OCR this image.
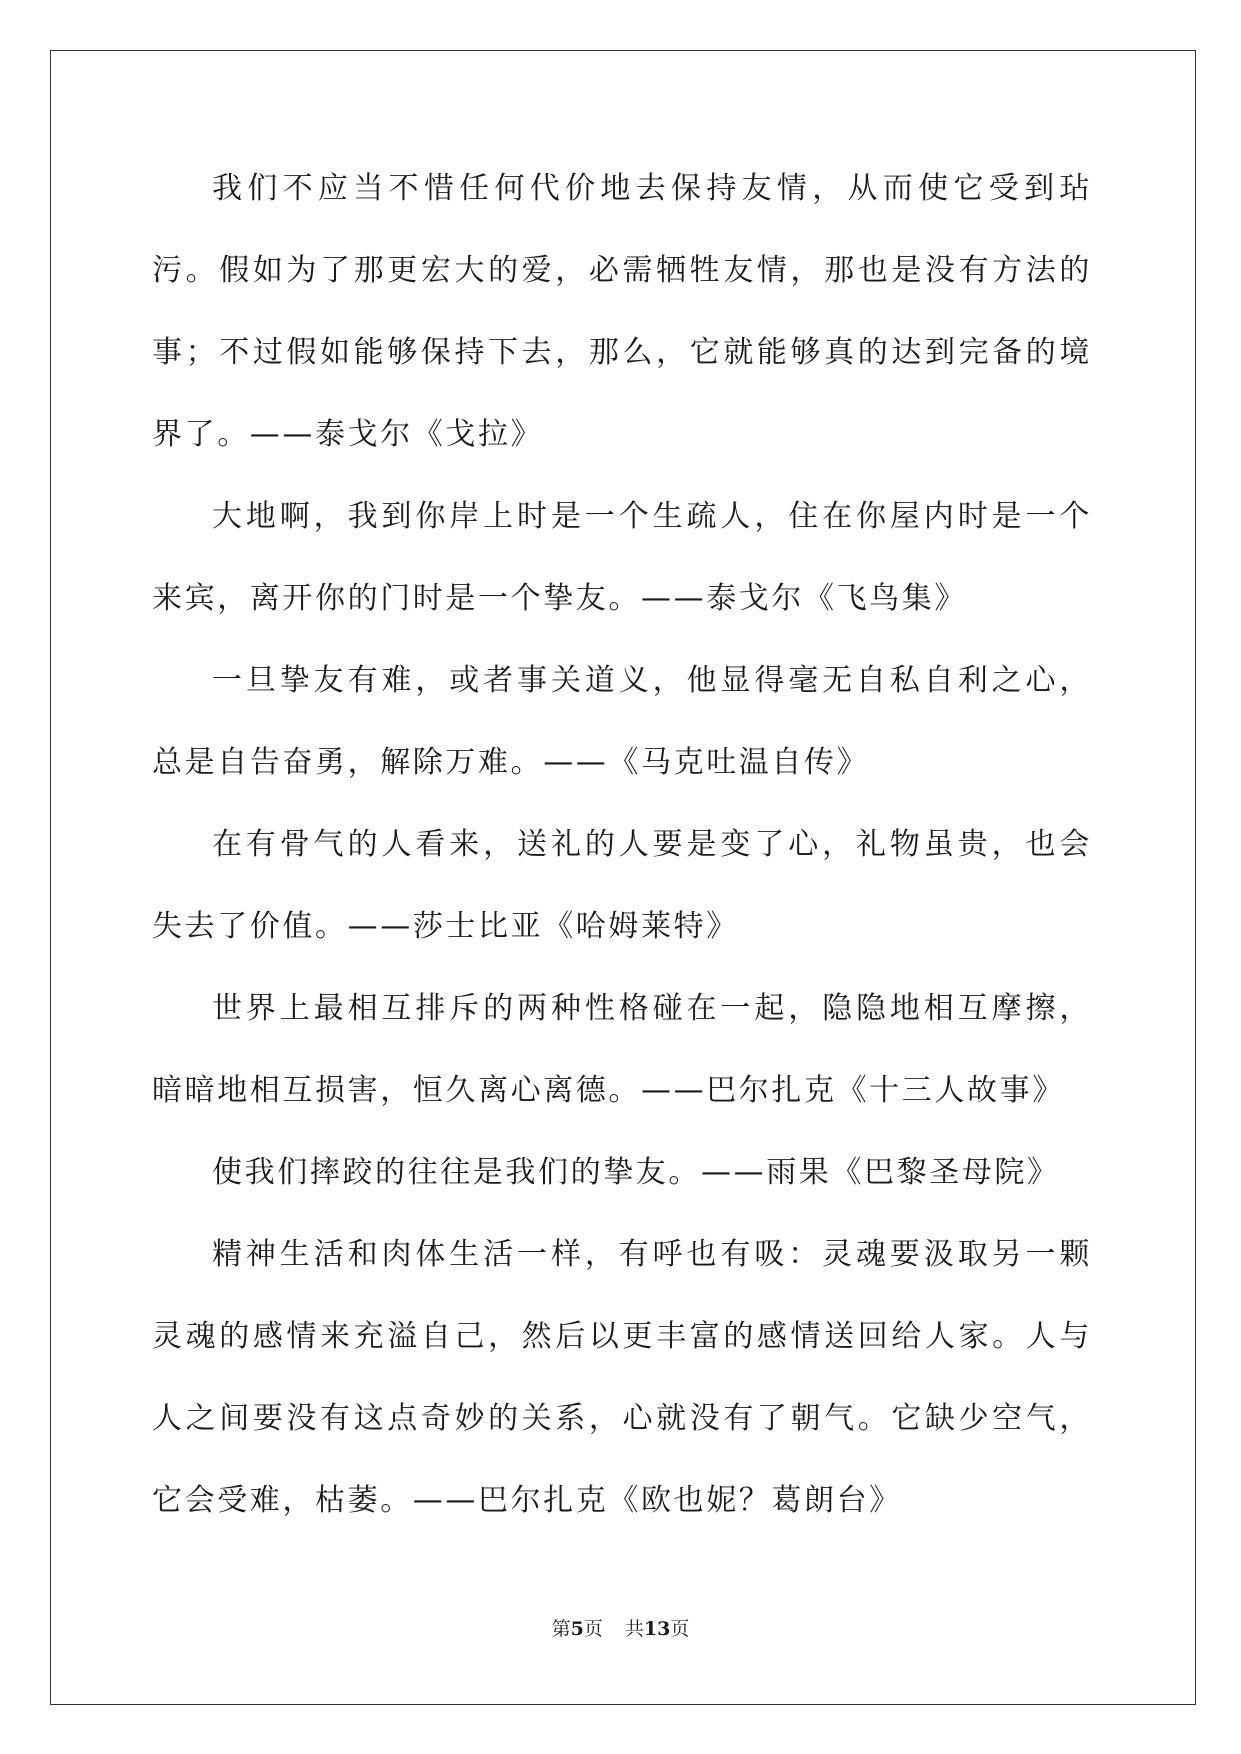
我们不应当不惜任何代价地去保持友情，从而使它受到玷污。假如为了那更宏大的爱，必需牺牲友情，那也是没有方法的事；不过假如能够保持下去，那么，它就能够真的达到完备的境界了。——泰戈尔《戈拉》

大地啊，我到你岸上时是一个生疏人，住在你屋内时是一个来宾，离开你的门时是一个挚友。——泰戈尔《飞鸟集》

一旦挚友有难，或者事关道义，他显得毫无自私自利之心，总是自告奋勇，解除万难。——《马克吐温自传》

在有骨气的人看来，送礼的人要是变了心，礼物虽贵，也会失去了价值。——莎士比亚《哈姆莱特》

世界上最相互排斥的两种性格碰在一起，隐隐地相互摩擦，暗暗地相互损害，恒久离心离德。——巴尔扎克《十三人故事》

使我们摔跤的往往是我们的挚友。——雨果《巴黎圣母院》

精神生活和肉体生活一样，有呼也有吸：灵魂要汲取另一颗灵魂的感情来充溢自己，然后以更丰富的感情送回给人家。人与人之间要没有这点奇妙的关系，心就没有了朝气。它缺少空气，它会受难，枯萎。——巴尔扎克《欧也妮？葛朗台》

第5页 共13页
